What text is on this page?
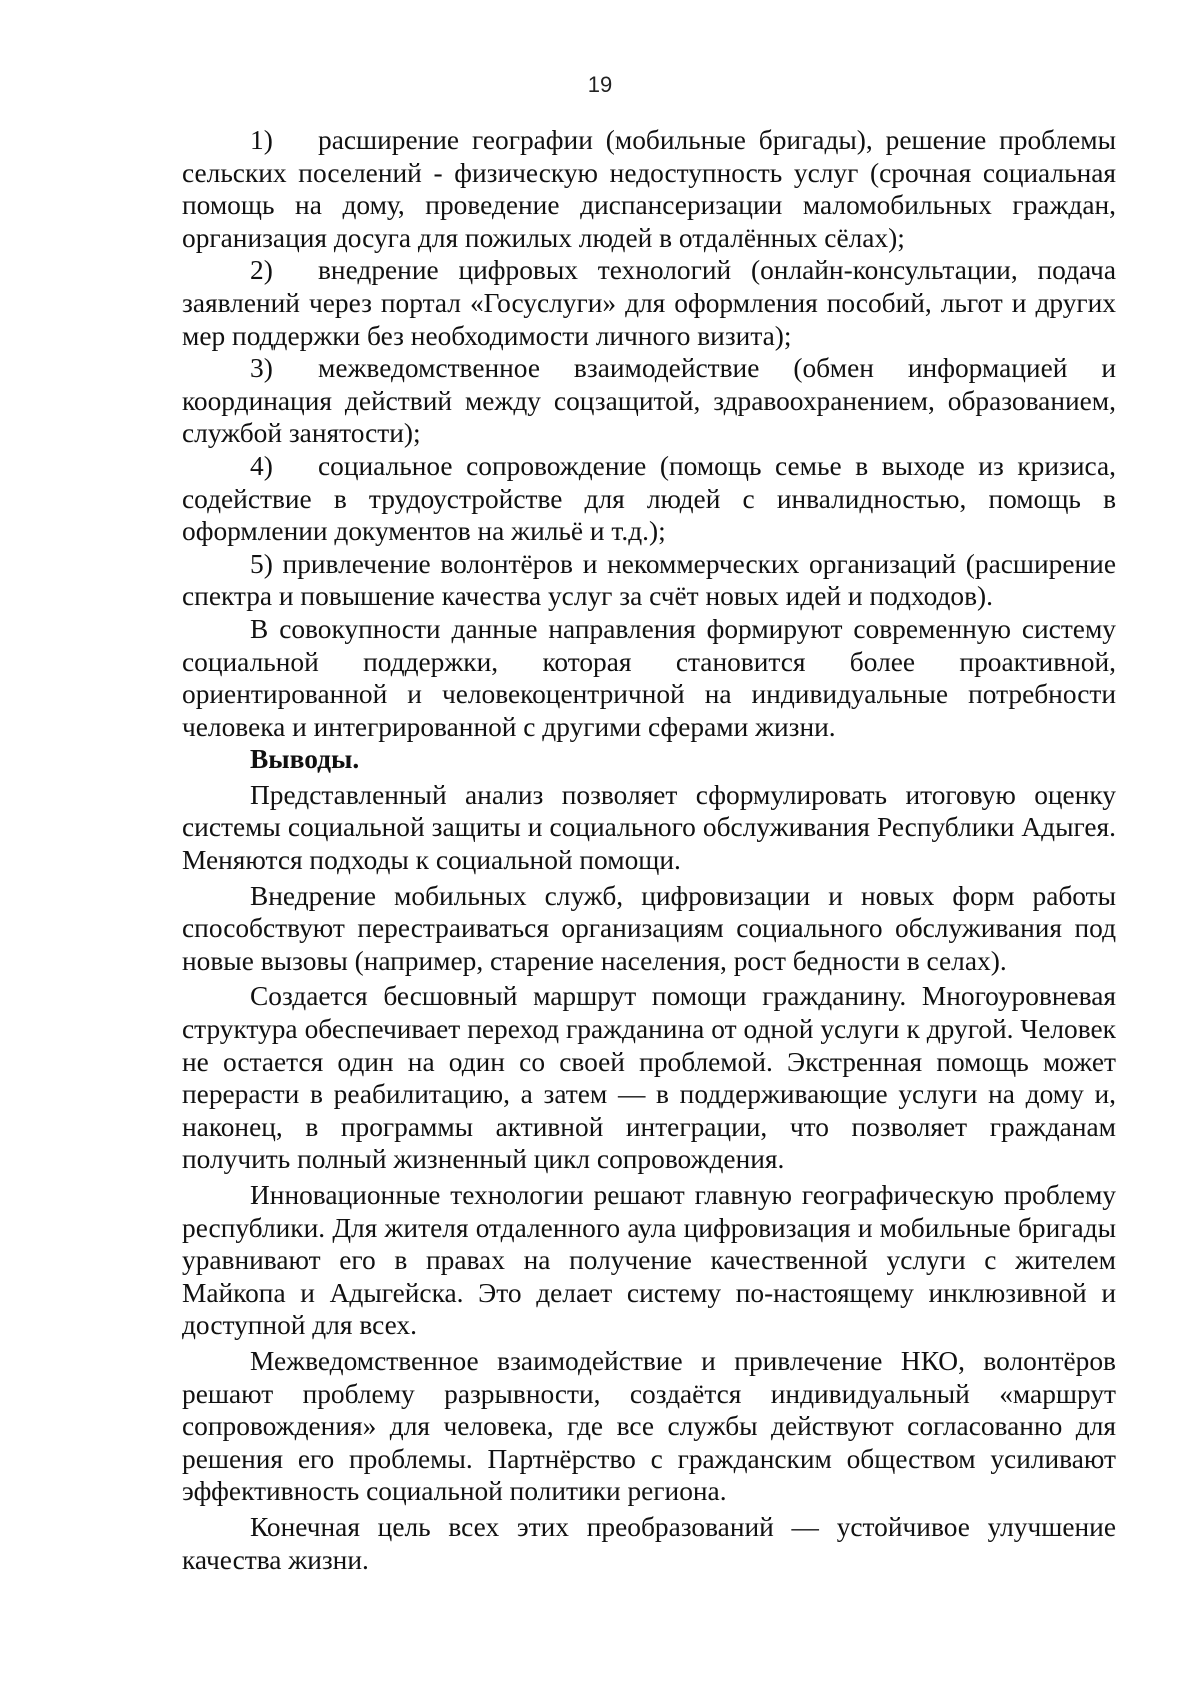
19

1) расширение географии (мобильные бригады), решение проблемы сельских поселений - физическую недоступность услуг (срочная социальная помощь на дому, проведение диспансеризации маломобильных граждан, организация досуга для пожилых людей в отдалённых сёлах);

2) внедрение цифровых технологий (онлайн-консультации, подача заявлений через портал «Госуслуги» для оформления пособий, льгот и других мер поддержки без необходимости личного визита);

3) межведомственное взаимодействие (обмен информацией и координация действий между соцзащитой, здравоохранением, образованием, службой занятости);

4) социальное сопровождение (помощь семье в выходе из кризиса, содействие в трудоустройстве для людей с инвалидностью, помощь в оформлении документов на жильё и т.д.);

5) привлечение волонтёров и некоммерческих организаций (расширение спектра и повышение качества услуг за счёт новых идей и подходов).

В совокупности данные направления формируют современную систему социальной поддержки, которая становится более проактивной, ориентированной и человекоцентричной на индивидуальные потребности человека и интегрированной с другими сферами жизни.

Выводы.

Представленный анализ позволяет сформулировать итоговую оценку системы социальной защиты и социального обслуживания Республики Адыгея. Меняются подходы к социальной помощи.

Внедрение мобильных служб, цифровизации и новых форм работы способствуют перестраиваться организациям социального обслуживания под новые вызовы (например, старение населения, рост бедности в селах).

Создается бесшовный маршрут помощи гражданину. Многоуровневая структура обеспечивает переход гражданина от одной услуги к другой. Человек не остается один на один со своей проблемой. Экстренная помощь может перерасти в реабилитацию, а затем — в поддерживающие услуги на дому и, наконец, в программы активной интеграции, что позволяет гражданам получить полный жизненный цикл сопровождения.

Инновационные технологии решают главную географическую проблему республики. Для жителя отдаленного аула цифровизация и мобильные бригады уравнивают его в правах на получение качественной услуги с жителем Майкопа и Адыгейска. Это делает систему по-настоящему инклюзивной и доступной для всех.

Межведомственное взаимодействие и привлечение НКО, волонтёров решают проблему разрывности, создаётся индивидуальный «маршрут сопровождения» для человека, где все службы действуют согласованно для решения его проблемы. Партнёрство с гражданским обществом усиливают эффективность социальной политики региона.

Конечная цель всех этих преобразований — устойчивое улучшение качества жизни.
